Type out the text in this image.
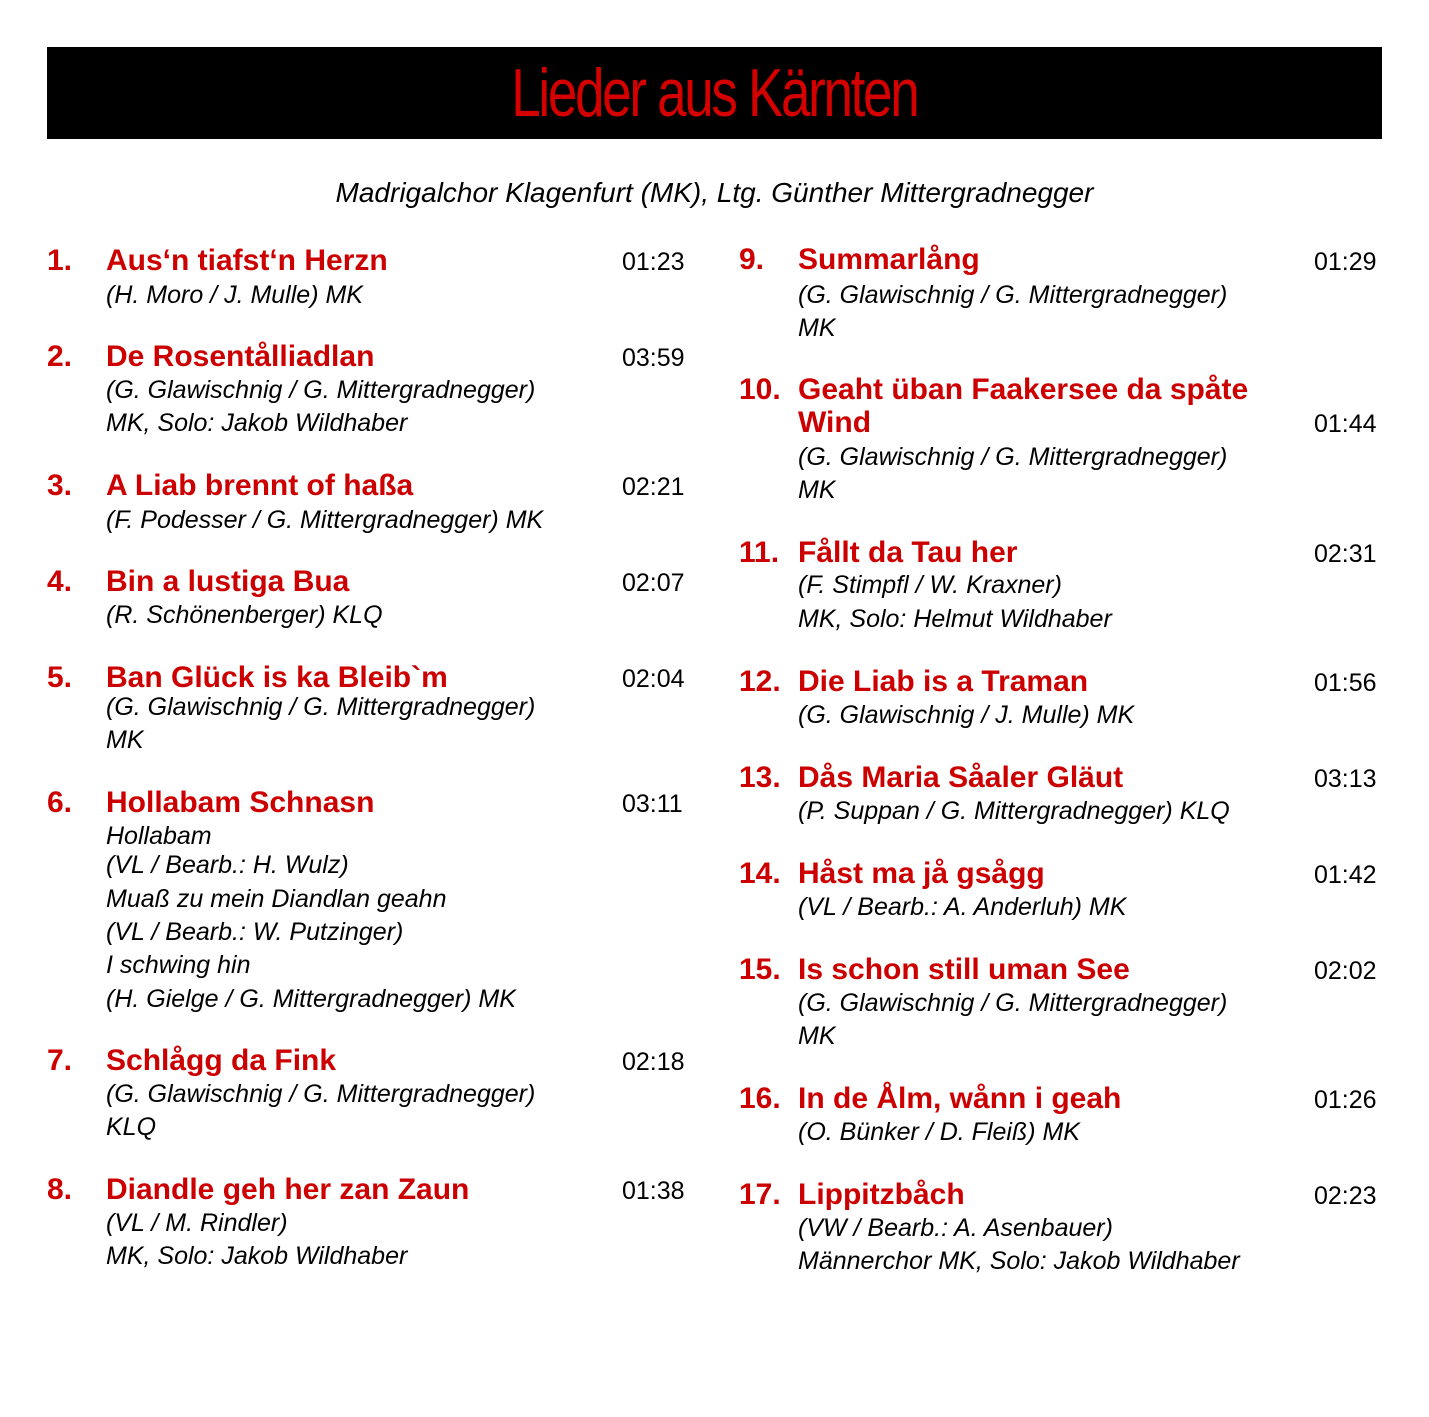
Lieder aus Kärnten
Madrigalchor Klagenfurt (MK), Ltg. Günther Mittergradnegger
1. Aus‘n tiafst‘n Herzn	01:23
(H. Moro / J. Mulle) MK
2. De Rosentålliadlan	03:59
(G. Glawischnig / G. Mittergradnegger)
MK, Solo: Jakob Wildhaber
3. A Liab brennt of haßa	02:21
(F. Podesser / G. Mittergradnegger) MK
4. Bin a lustiga Bua	02:07
(R. Schönenberger) KLQ
5. Ban Glück is ka Bleib`m	02:04
(G. Glawischnig / G. Mittergradnegger)
MK
6. Hollabam Schnasn	03:11
Hollabam
(VL / Bearb.: H. Wulz)
Muaß zu mein Diandlan geahn
(VL / Bearb.: W. Putzinger)
I schwing hin
(H. Gielge / G. Mittergradnegger) MK
7. Schlågg da Fink	02:18
(G. Glawischnig / G. Mittergradnegger)
KLQ
8. Diandle geh her zan Zaun	01:38
(VL / M. Rindler)
MK, Solo: Jakob Wildhaber
9. Summarlång	01:29
(G. Glawischnig / G. Mittergradnegger)
MK
10. Geaht üban Faakersee da spåte
Wind	01:44
(G. Glawischnig / G. Mittergradnegger)
MK
11. Fållt da Tau her	02:31
(F. Stimpfl / W. Kraxner)
MK, Solo: Helmut Wildhaber
12. Die Liab is a Traman	01:56
(G. Glawischnig / J. Mulle) MK
13. Dås Maria Såaler Gläut	03:13
(P. Suppan / G. Mittergradnegger) KLQ
14. Håst ma jå gsågg	01:42
(VL / Bearb.: A. Anderluh) MK
15. Is schon still uman See	02:02
(G. Glawischnig / G. Mittergradnegger)
MK
16. In de Ålm, wånn i geah	01:26
(O. Bünker / D. Fleiß) MK
17. Lippitzbåch	02:23
(VW / Bearb.: A. Asenbauer)
Männerchor MK, Solo: Jakob Wildhaber
